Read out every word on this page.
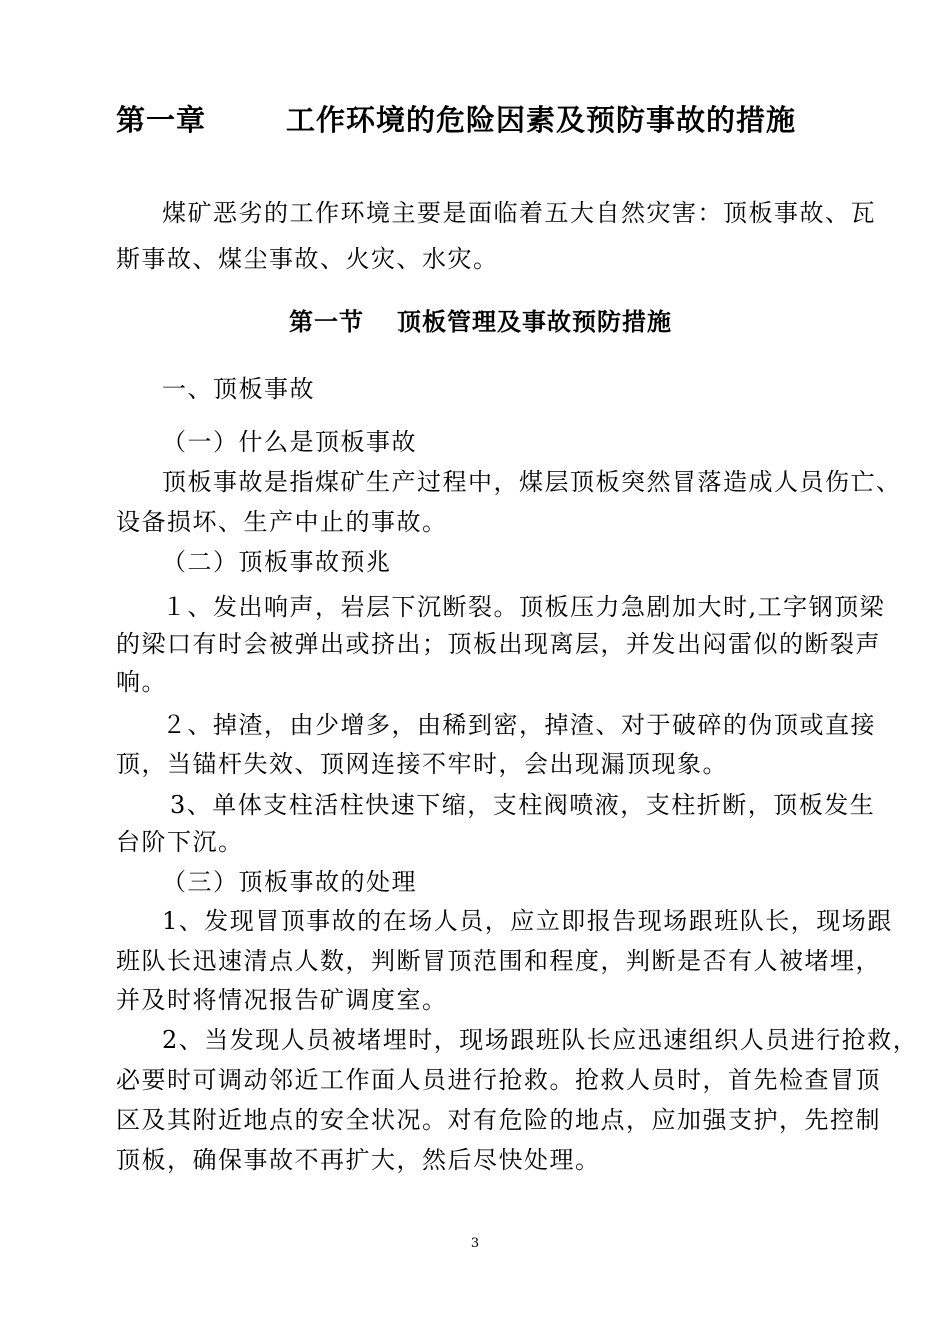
第一章	工作环境的危险因素及预防事故的措施
煤矿恶劣的工作环境主要是面临着五大自然灾害：顶板事故、瓦
斯事故、煤尘事故、火灾、水灾。
第一节 顶板管理及事故预防措施
一、顶板事故
（一）什么是顶板事故
顶板事故是指煤矿生产过程中，煤层顶板突然冒落造成人员伤亡、
设备损坏、生产中止的事故。
（二）顶板事故预兆
１、发出响声，岩层下沉断裂。顶板压力急剧加大时,工字钢顶梁
的梁口有时会被弹出或挤出；顶板出现离层，并发出闷雷似的断裂声
响。
２、掉渣，由少增多，由稀到密，掉渣、对于破碎的伪顶或直接
顶，当锚杆失效、顶网连接不牢时，会出现漏顶现象。
3、单体支柱活柱快速下缩，支柱阀喷液，支柱折断，顶板发生
台阶下沉。
（三）顶板事故的处理
1、发现冒顶事故的在场人员，应立即报告现场跟班队长，现场跟
班队长迅速清点人数，判断冒顶范围和程度，判断是否有人被堵埋，
并及时将情况报告矿调度室。
2、当发现人员被堵埋时，现场跟班队长应迅速组织人员进行抢救，
必要时可调动邻近工作面人员进行抢救。抢救人员时，首先检查冒顶
区及其附近地点的安全状况。对有危险的地点，应加强支护，先控制
顶板，确保事故不再扩大，然后尽快处理。
3
